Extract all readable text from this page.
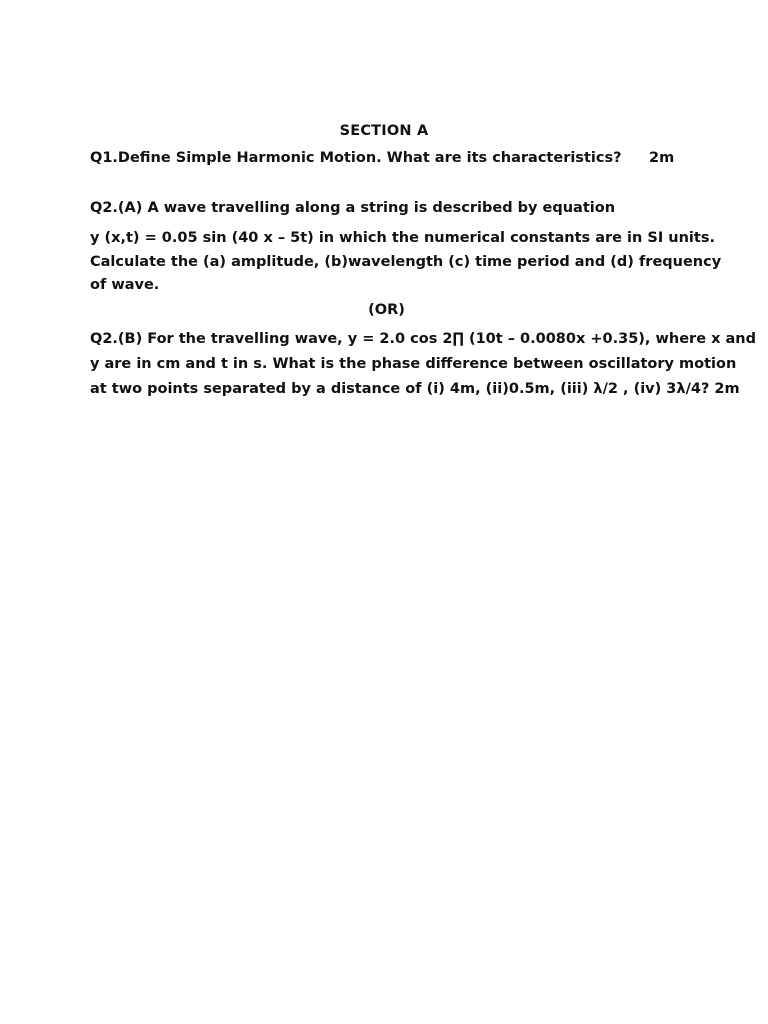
SECTION A
Q1.Define Simple Harmonic Motion. What are its characteristics? 2m
Q2.(A) A wave travelling along a string is described by equation
y (x,t) = 0.05 sin (40 x – 5t) in which the numerical constants are in SI units.
Calculate the (a) amplitude, (b)wavelength (c) time period and (d) frequency
of wave.
(OR)
Q2.(B) For the travelling wave, y = 2.0 cos 2∏ (10t – 0.0080x +0.35), where x and
y are in cm and t in s. What is the phase difference between oscillatory motion
at two points separated by a distance of (i) 4m, (ii)0.5m, (iii) λ/2 , (iv) 3λ/4? 2m
